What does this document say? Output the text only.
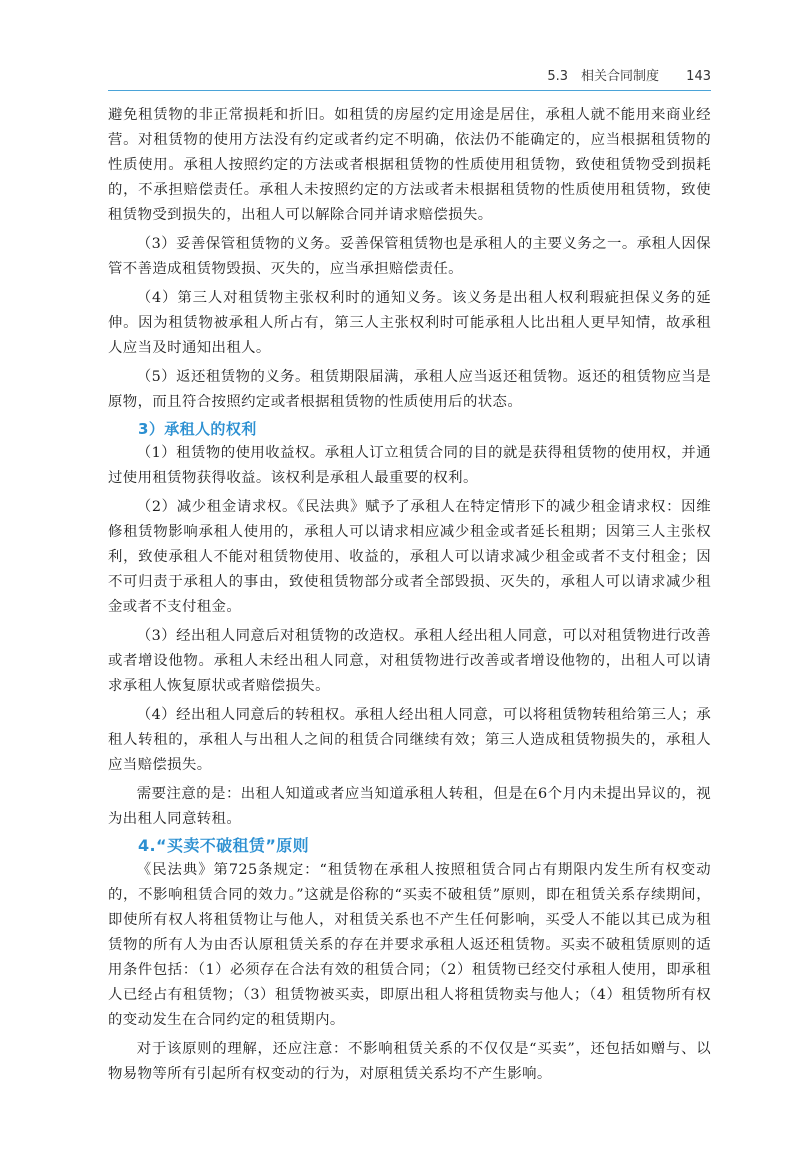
5.3　相关合同制度 143

避免租赁物的非正常损耗和折旧。如租赁的房屋约定用途是居住，承租人就不能用来商业经营。对租赁物的使用方法没有约定或者约定不明确，依法仍不能确定的，应当根据租赁物的性质使用。承租人按照约定的方法或者根据租赁物的性质使用租赁物，致使租赁物受到损耗的，不承担赔偿责任。承租人未按照约定的方法或者未根据租赁物的性质使用租赁物，致使租赁物受到损失的，出租人可以解除合同并请求赔偿损失。

（3）妥善保管租赁物的义务。妥善保管租赁物也是承租人的主要义务之一。承租人因保管不善造成租赁物毁损、灭失的，应当承担赔偿责任。

（4）第三人对租赁物主张权利时的通知义务。该义务是出租人权利瑕疵担保义务的延伸。因为租赁物被承租人所占有，第三人主张权利时可能承租人比出租人更早知情，故承租人应当及时通知出租人。

（5）返还租赁物的义务。租赁期限届满，承租人应当返还租赁物。返还的租赁物应当是原物，而且符合按照约定或者根据租赁物的性质使用后的状态。

3）承租人的权利

（1）租赁物的使用收益权。承租人订立租赁合同的目的就是获得租赁物的使用权，并通过使用租赁物获得收益。该权利是承租人最重要的权利。

（2）减少租金请求权。《民法典》赋予了承租人在特定情形下的减少租金请求权：因维修租赁物影响承租人使用的，承租人可以请求相应减少租金或者延长租期；因第三人主张权利，致使承租人不能对租赁物使用、收益的，承租人可以请求减少租金或者不支付租金；因不可归责于承租人的事由，致使租赁物部分或者全部毁损、灭失的，承租人可以请求减少租金或者不支付租金。

（3）经出租人同意后对租赁物的改造权。承租人经出租人同意，可以对租赁物进行改善或者增设他物。承租人未经出租人同意，对租赁物进行改善或者增设他物的，出租人可以请求承租人恢复原状或者赔偿损失。

（4）经出租人同意后的转租权。承租人经出租人同意，可以将租赁物转租给第三人；承租人转租的，承租人与出租人之间的租赁合同继续有效；第三人造成租赁物损失的，承租人应当赔偿损失。

需要注意的是：出租人知道或者应当知道承租人转租，但是在6个月内未提出异议的，视为出租人同意转租。

4.“买卖不破租赁”原则

《民法典》第725条规定：“租赁物在承租人按照租赁合同占有期限内发生所有权变动的，不影响租赁合同的效力。”这就是俗称的“买卖不破租赁”原则，即在租赁关系存续期间，即使所有权人将租赁物让与他人，对租赁关系也不产生任何影响，买受人不能以其已成为租赁物的所有人为由否认原租赁关系的存在并要求承租人返还租赁物。买卖不破租赁原则的适用条件包括：（1）必须存在合法有效的租赁合同；（2）租赁物已经交付承租人使用，即承租人已经占有租赁物；（3）租赁物被买卖，即原出租人将租赁物卖与他人；（4）租赁物所有权的变动发生在合同约定的租赁期内。

对于该原则的理解，还应注意：不影响租赁关系的不仅仅是“买卖”，还包括如赠与、以物易物等所有引起所有权变动的行为，对原租赁关系均不产生影响。
